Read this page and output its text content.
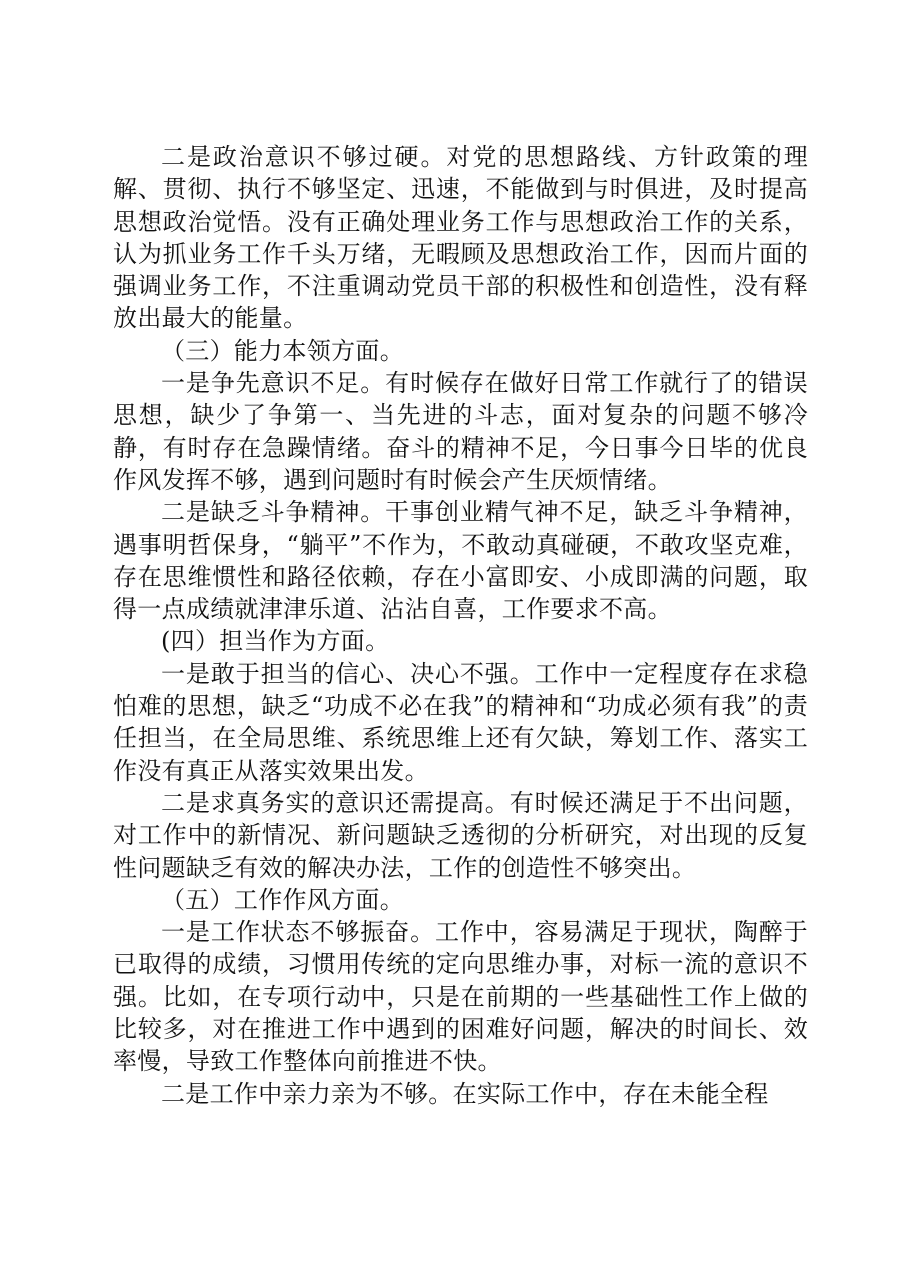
二是政治意识不够过硬。对党的思想路线、方针政策的理解、贯彻、执行不够坚定、迅速，不能做到与时俱进，及时提高思想政治觉悟。没有正确处理业务工作与思想政治工作的关系，认为抓业务工作千头万绪，无暇顾及思想政治工作，因而片面的强调业务工作，不注重调动党员干部的积极性和创造性，没有释放出最大的能量。

（三）能力本领方面。

一是争先意识不足。有时候存在做好日常工作就行了的错误思想，缺少了争第一、当先进的斗志，面对复杂的问题不够冷静，有时存在急躁情绪。奋斗的精神不足，今日事今日毕的优良作风发挥不够，遇到问题时有时候会产生厌烦情绪。

二是缺乏斗争精神。干事创业精气神不足，缺乏斗争精神，遇事明哲保身，“躺平”不作为，不敢动真碰硬，不敢攻坚克难，存在思维惯性和路径依赖，存在小富即安、小成即满的问题，取得一点成绩就津津乐道、沾沾自喜，工作要求不高。

(四）担当作为方面。

一是敢于担当的信心、决心不强。工作中一定程度存在求稳怕难的思想，缺乏“功成不必在我”的精神和“功成必须有我”的责任担当，在全局思维、系统思维上还有欠缺，筹划工作、落实工作没有真正从落实效果出发。

二是求真务实的意识还需提高。有时候还满足于不出问题，对工作中的新情况、新问题缺乏透彻的分析研究，对出现的反复性问题缺乏有效的解决办法，工作的创造性不够突出。

（五）工作作风方面。

一是工作状态不够振奋。工作中，容易满足于现状，陶醉于已取得的成绩，习惯用传统的定向思维办事，对标一流的意识不强。比如，在专项行动中，只是在前期的一些基础性工作上做的比较多，对在推进工作中遇到的困难好问题，解决的时间长、效率慢，导致工作整体向前推进不快。

二是工作中亲力亲为不够。在实际工作中，存在未能全程
